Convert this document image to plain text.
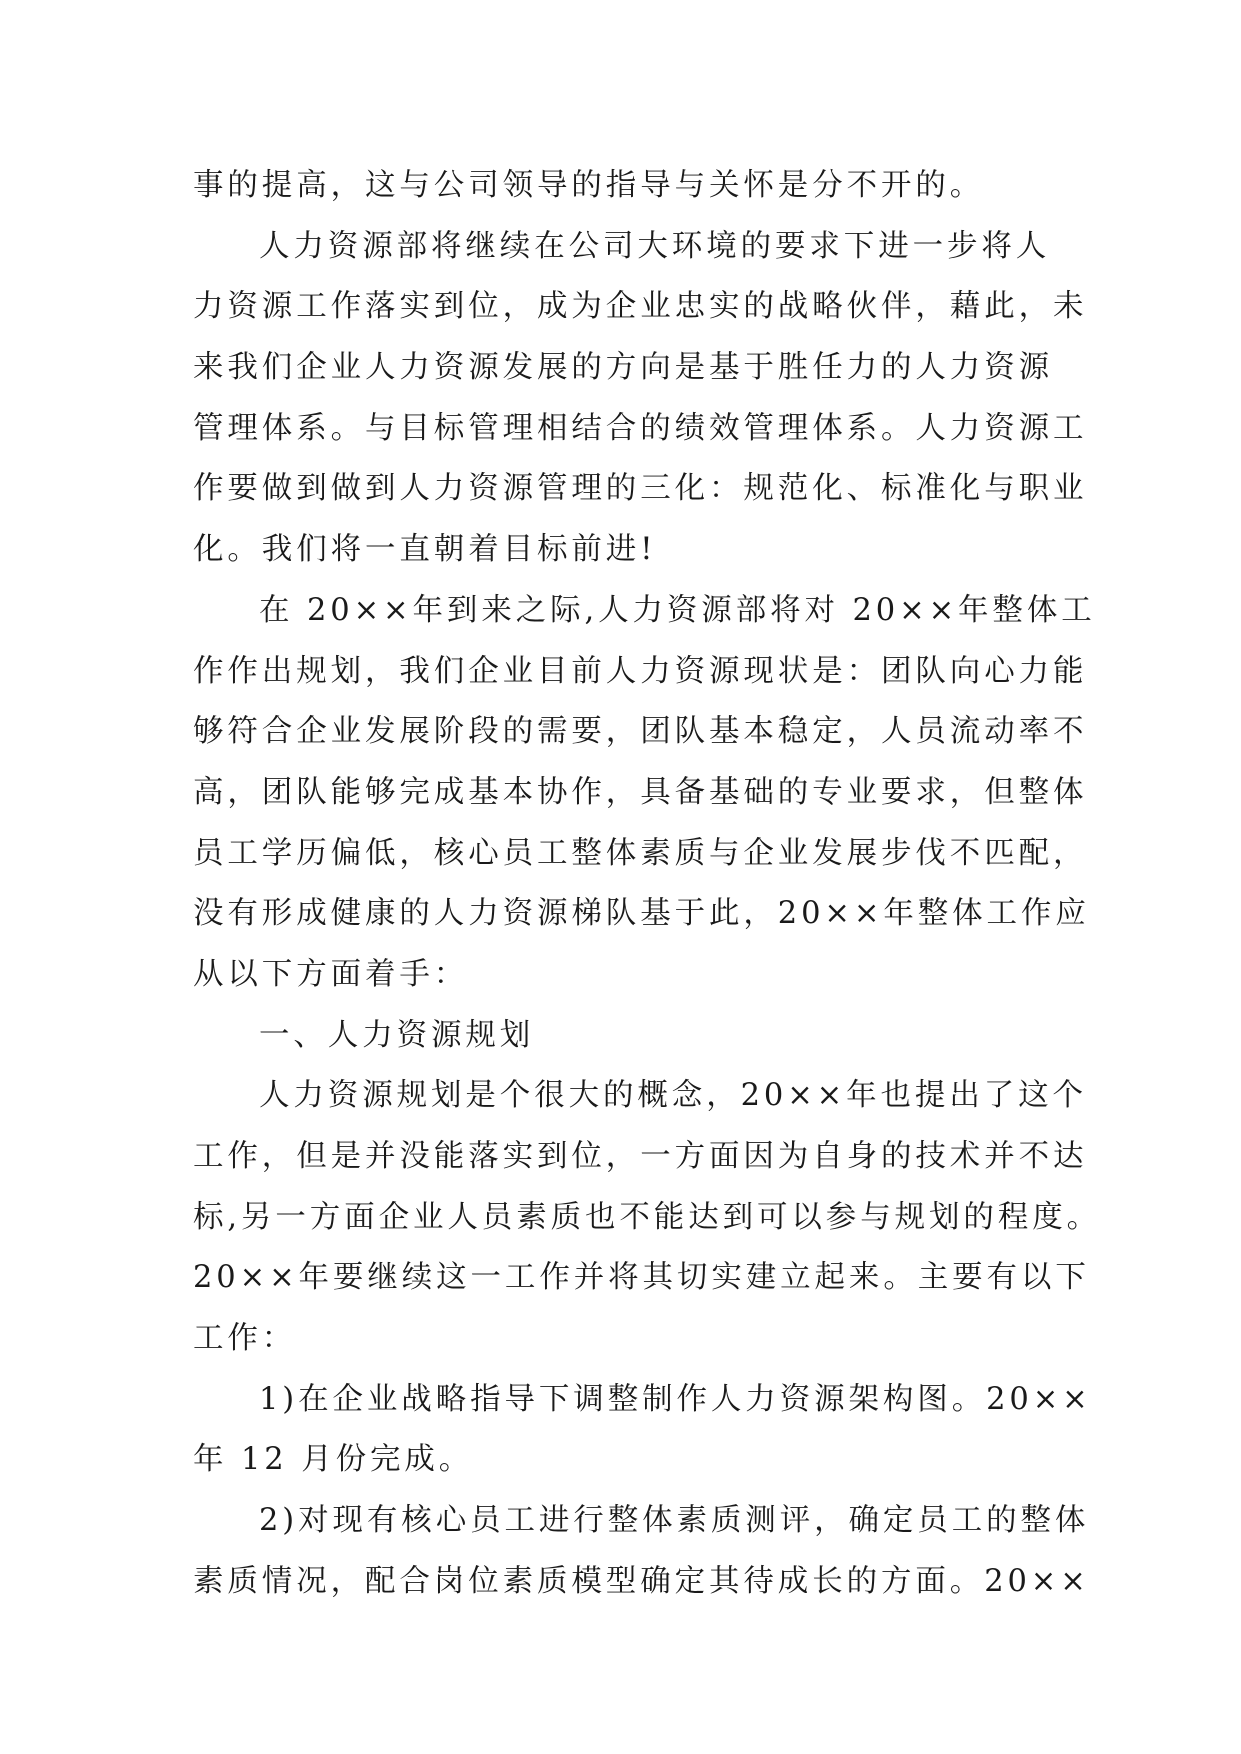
事的提高，这与公司领导的指导与关怀是分不开的。
人力资源部将继续在公司大环境的要求下进一步将人
力资源工作落实到位，成为企业忠实的战略伙伴，藉此，未
来我们企业人力资源发展的方向是基于胜任力的人力资源
管理体系。与目标管理相结合的绩效管理体系。人力资源工
作要做到做到人力资源管理的三化：规范化、标准化与职业
化。我们将一直朝着目标前进!
在 20××年到来之际,人力资源部将对 20××年整体工
作作出规划，我们企业目前人力资源现状是：团队向心力能
够符合企业发展阶段的需要，团队基本稳定，人员流动率不
高，团队能够完成基本协作，具备基础的专业要求，但整体
员工学历偏低，核心员工整体素质与企业发展步伐不匹配，
没有形成健康的人力资源梯队基于此，20××年整体工作应
从以下方面着手：
一、人力资源规划
人力资源规划是个很大的概念，20××年也提出了这个
工作，但是并没能落实到位，一方面因为自身的技术并不达
标,另一方面企业人员素质也不能达到可以参与规划的程度。
20××年要继续这一工作并将其切实建立起来。主要有以下
工作：
1)在企业战略指导下调整制作人力资源架构图。20××
年 12 月份完成。
2)对现有核心员工进行整体素质测评，确定员工的整体
素质情况，配合岗位素质模型确定其待成长的方面。20××
